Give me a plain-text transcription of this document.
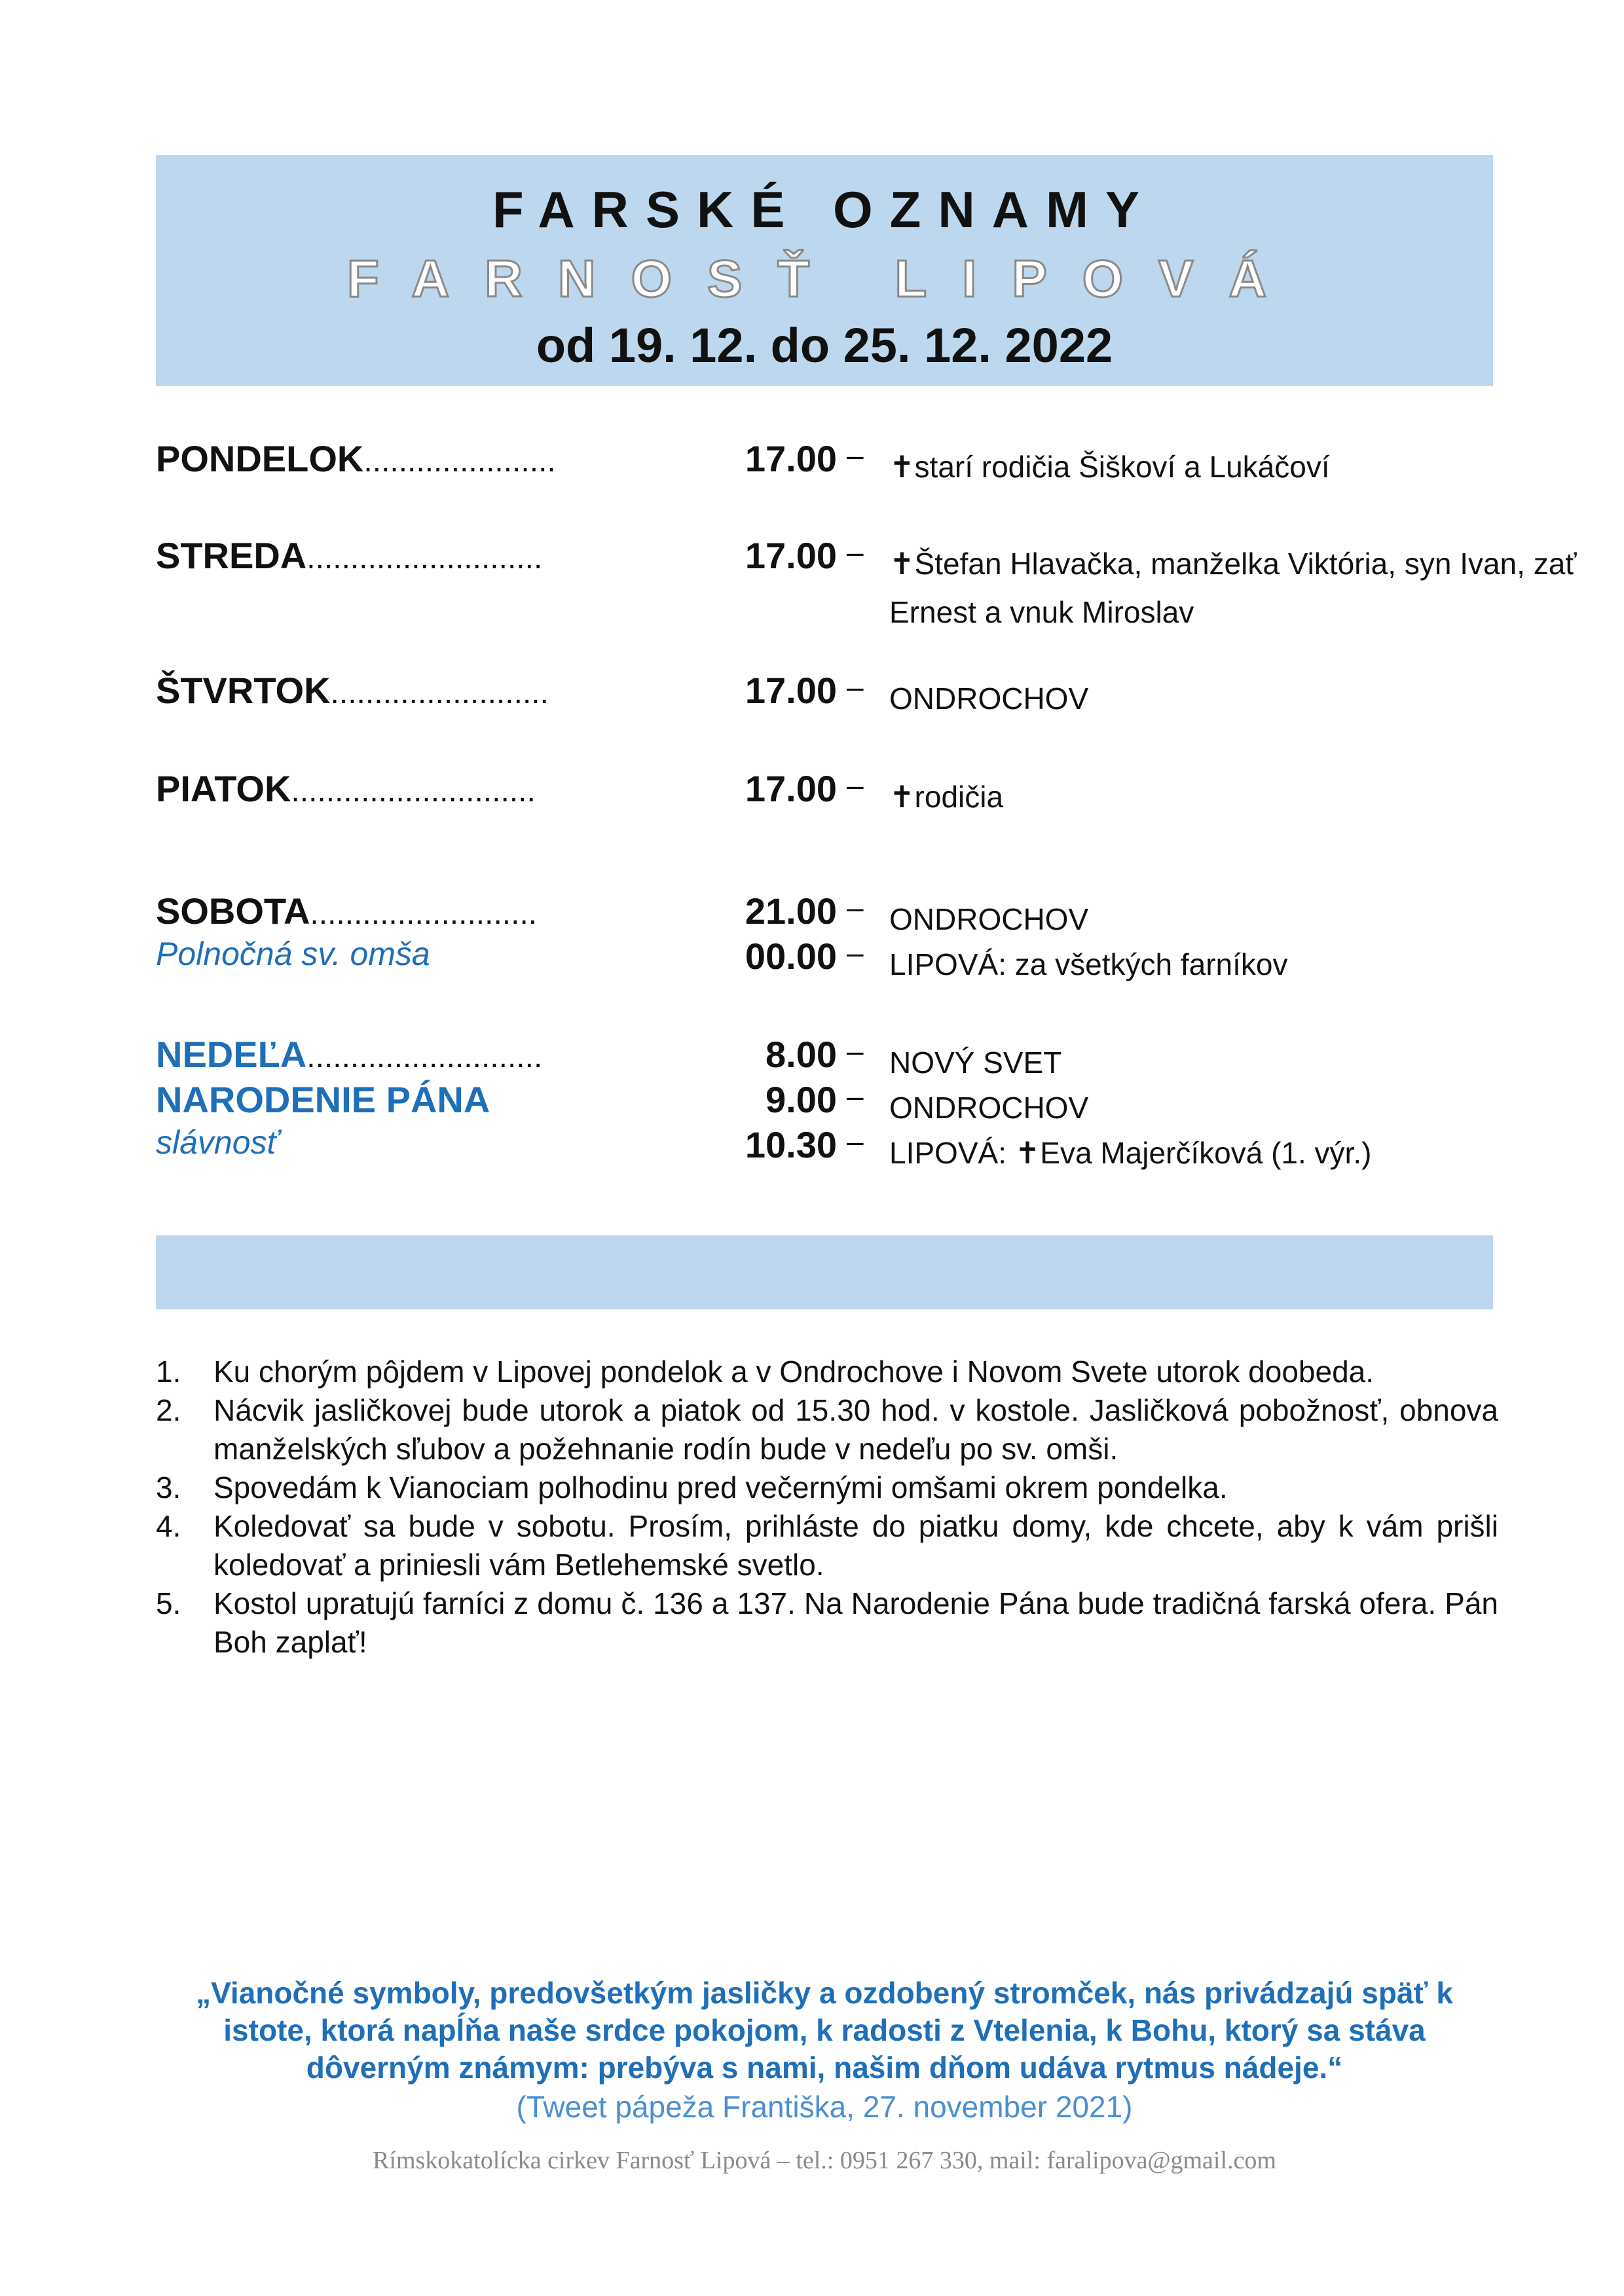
FARSKÉ OZNAMY
FARNOSŤ LIPOVÁ
od 19. 12. do 25. 12. 2022
PONDELOK......................	17.00 – ✝starí rodičia Šiškoví a Lukáčoví
STREDA...........................	17.00 – ✝Štefan Hlavačka, manželka Viktória, syn Ivan, zať Ernest a vnuk Miroslav
ŠTVRTOK.........................	17.00 – ONDROCHOV
PIATOK............................	17.00 – ✝rodičia
SOBOTA..........................	21.00 – ONDROCHOV
Polnočná sv. omša	00.00 – LIPOVÁ: za všetkých farníkov
NEDEĽA...........................	8.00 – NOVÝ SVET
NARODENIE PÁNA	9.00 – ONDROCHOV
slávnosť	10.30 – LIPOVÁ: ✝Eva Majerčíková (1. výr.)
1.	Ku chorým pôjdem v Lipovej pondelok a v Ondrochove i Novom Svete utorok doobeda.
2.	Nácvik jasličkovej bude utorok a piatok od 15.30 hod. v kostole. Jasličková pobožnosť, obnova manželských sľubov a požehnanie rodín bude v nedeľu po sv. omši.
3.	Spovedám k Vianociam polhodinu pred večernými omšami okrem pondelka.
4.	Koledovať sa bude v sobotu. Prosím, prihláste do piatku domy, kde chcete, aby k vám prišli koledovať a priniesli vám Betlehemské svetlo.
5.	Kostol upratujú farníci z domu č. 136 a 137. Na Narodenie Pána bude tradičná farská ofera. Pán Boh zaplať!
„Vianočné symboly, predovšetkým jasličky a ozdobený stromček, nás privádzajú späť k istote, ktorá napĺňa naše srdce pokojom, k radosti z Vtelenia, k Bohu, ktorý sa stáva dôverným známym: prebýva s nami, našim dňom udáva rytmus nádeje.“
(Tweet pápeža Františka, 27. november 2021)
Rímskokatolícka cirkev Farnosť Lipová – tel.: 0951 267 330, mail: faralipova@gmail.com
